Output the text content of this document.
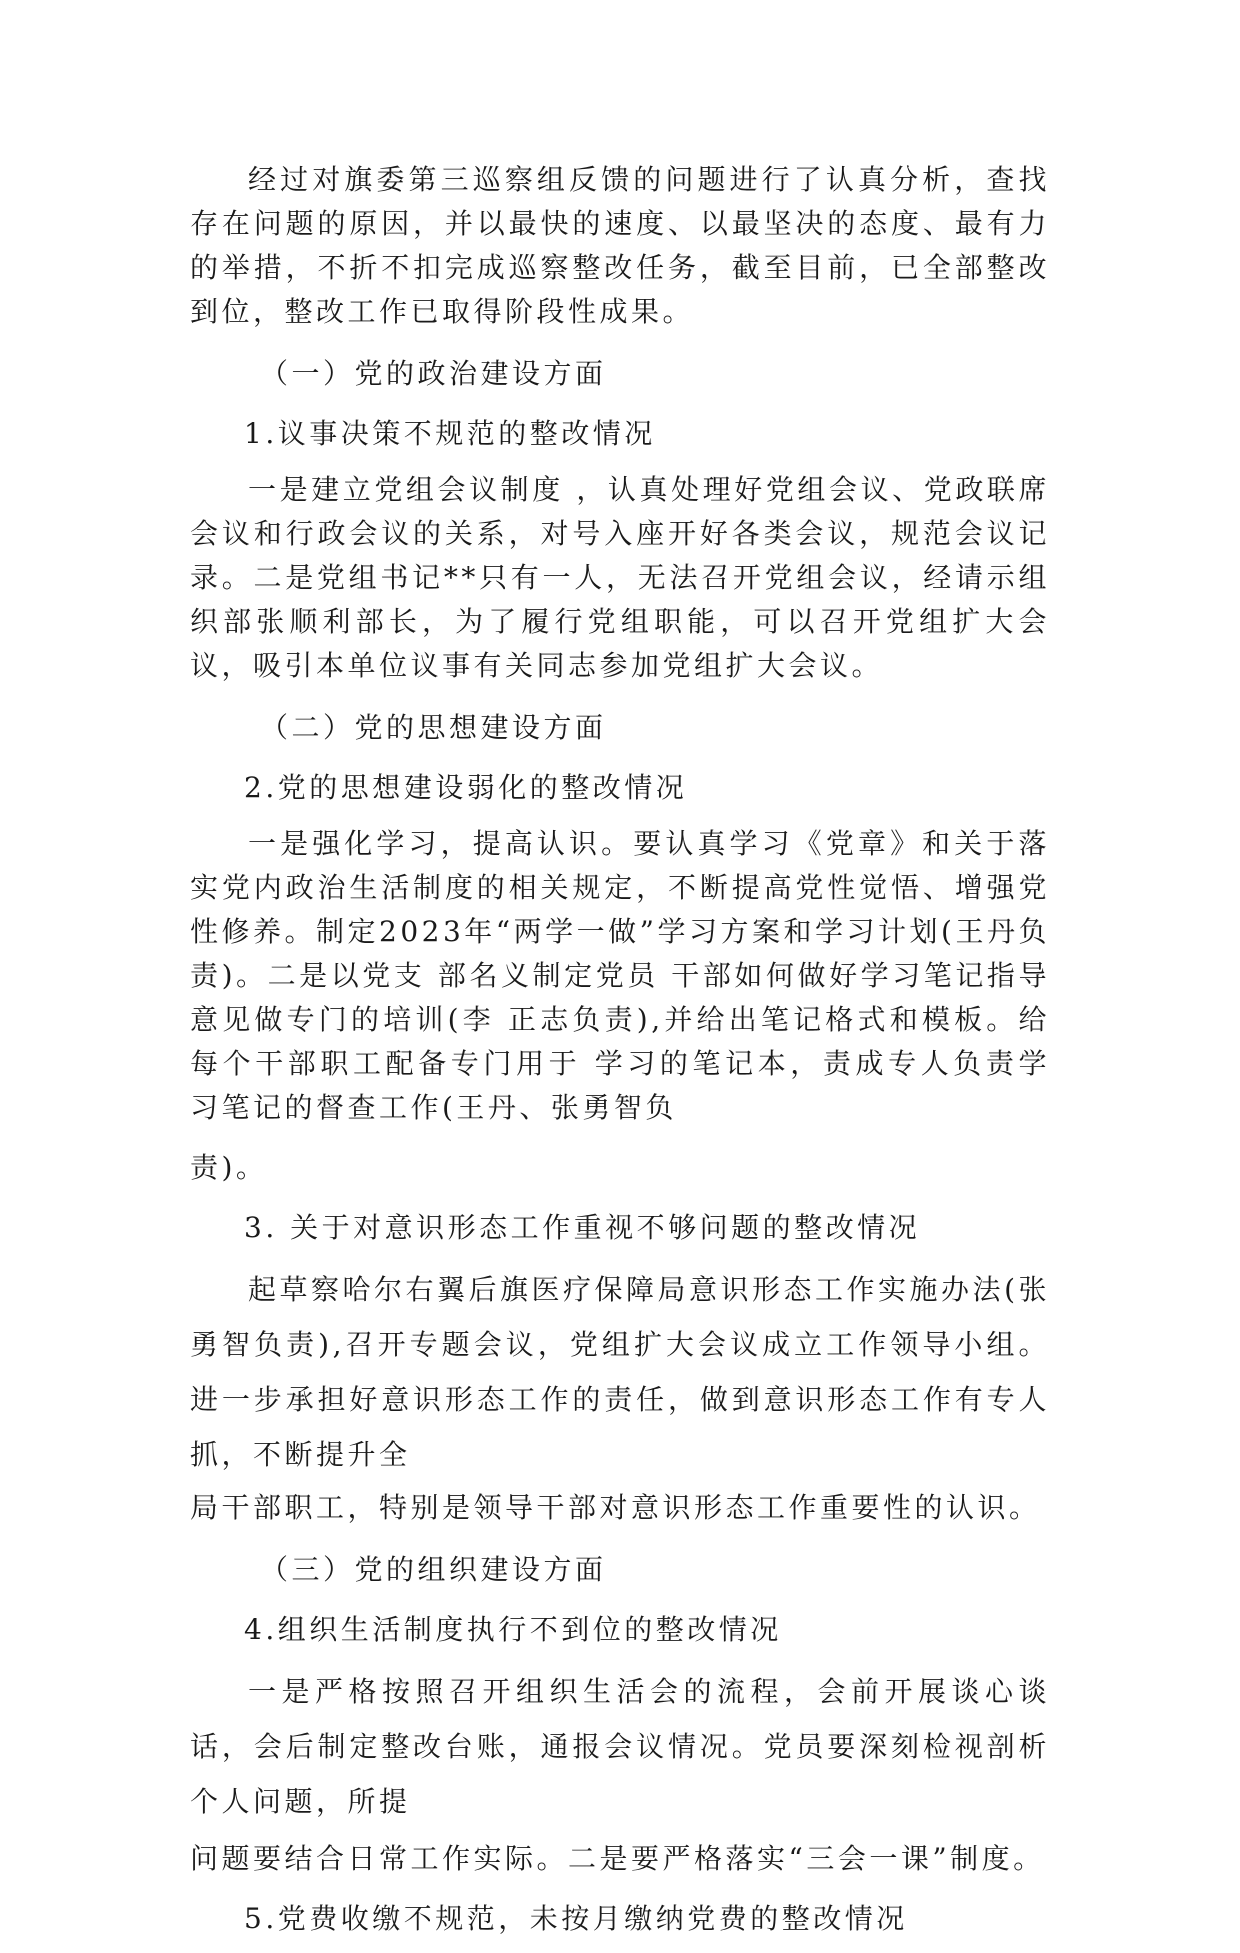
经过对旗委第三巡察组反馈的问题进行了认真分析，查找存在问题的原因，并以最快的速度、以最坚决的态度、最有力的举措，不折不扣完成巡察整改任务，截至目前，已全部整改到位，整改工作已取得阶段性成果。

（一）党的政治建设方面

1.议事决策不规范的整改情况

一是建立党组会议制度 ，认真处理好党组会议、党政联席会议和行政会议的关系，对号入座开好各类会议，规范会议记录。二是党组书记**只有一人，无法召开党组会议，经请示组织部张顺利部长，为了履行党组职能，可以召开党组扩大会议，吸引本单位议事有关同志参加党组扩大会议。

（二）党的思想建设方面

2.党的思想建设弱化的整改情况

一是强化学习，提高认识。要认真学习《党章》和关于落实党内政治生活制度的相关规定，不断提高党性觉悟、增强党性修养。制定2023年“两学一做”学习方案和学习计划(王丹负责)。二是以党支 部名义制定党员 干部如何做好学习笔记指导意见做专门的培训(李 正志负责),并给出笔记格式和模板。给每个干部职工配备专门用于 学习的笔记本，责成专人负责学习笔记的督查工作(王丹、张勇智负

责)。

3. 关于对意识形态工作重视不够问题的整改情况

起草察哈尔右翼后旗医疗保障局意识形态工作实施办法(张勇智负责),召开专题会议，党组扩大会议成立工作领导小组。进一步承担好意识形态工作的责任，做到意识形态工作有专人抓，不断提升全

局干部职工，特别是领导干部对意识形态工作重要性的认识。

（三）党的组织建设方面

4.组织生活制度执行不到位的整改情况

一是严格按照召开组织生活会的流程，会前开展谈心谈话，会后制定整改台账，通报会议情况。党员要深刻检视剖析个人问题，所提

问题要结合日常工作实际。二是要严格落实“三会一课”制度。

5.党费收缴不规范，未按月缴纳党费的整改情况
